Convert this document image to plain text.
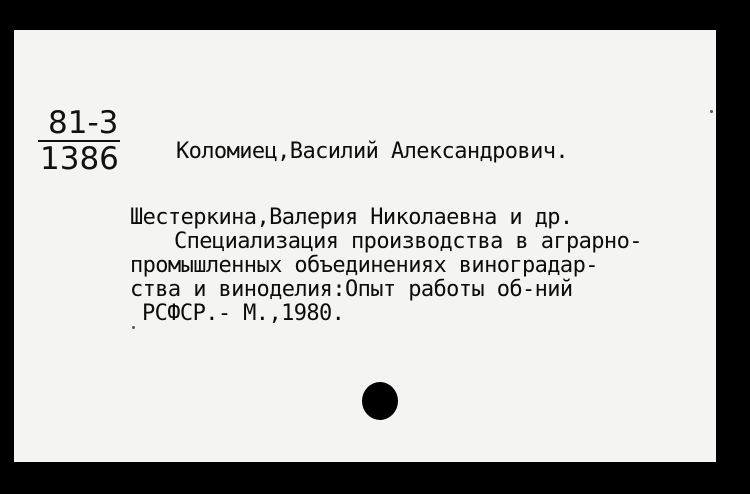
81-3
1386	Коломиец,Василий Александрович.
Шестеркина,Валерия Николаевна и др.
Специализация производства в аграрно-
промышленных объединениях виноградар-
ства и виноделия:Опыт работы об-ний
РСФСР.- М.,1980.
